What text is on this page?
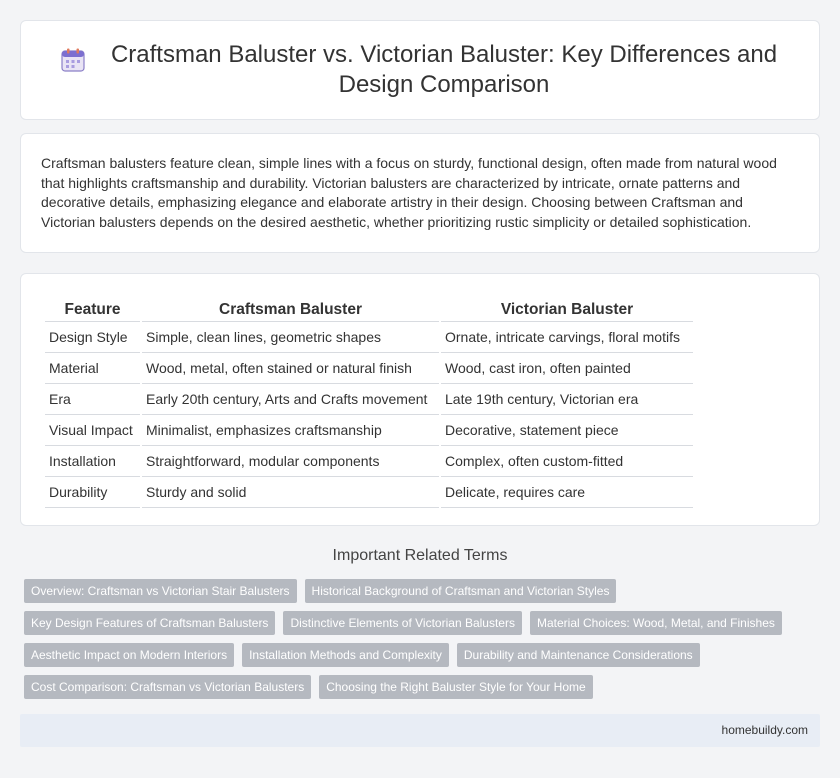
Craftsman Baluster vs. Victorian Baluster: Key Differences and Design Comparison

Craftsman balusters feature clean, simple lines with a focus on sturdy, functional design, often made from natural wood that highlights craftsmanship and durability. Victorian balusters are characterized by intricate, ornate patterns and decorative details, emphasizing elegance and elaborate artistry in their design. Choosing between Craftsman and Victorian balusters depends on the desired aesthetic, whether prioritizing rustic simplicity or detailed sophistication.

Feature	Craftsman Baluster	Victorian Baluster
Design Style	Simple, clean lines, geometric shapes	Ornate, intricate carvings, floral motifs
Material	Wood, metal, often stained or natural finish	Wood, cast iron, often painted
Era	Early 20th century, Arts and Crafts movement	Late 19th century, Victorian era
Visual Impact	Minimalist, emphasizes craftsmanship	Decorative, statement piece
Installation	Straightforward, modular components	Complex, often custom-fitted
Durability	Sturdy and solid	Delicate, requires care
Important Related Terms
Overview: Craftsman vs Victorian Stair Balusters	Historical Background of Craftsman and Victorian Styles
Key Design Features of Craftsman Balusters	Distinctive Elements of Victorian Balusters	Material Choices: Wood, Metal, and Finishes
Aesthetic Impact on Modern Interiors	Installation Methods and Complexity	Durability and Maintenance Considerations
Cost Comparison: Craftsman vs Victorian Balusters	Choosing the Right Baluster Style for Your Home
homebuildy.com
